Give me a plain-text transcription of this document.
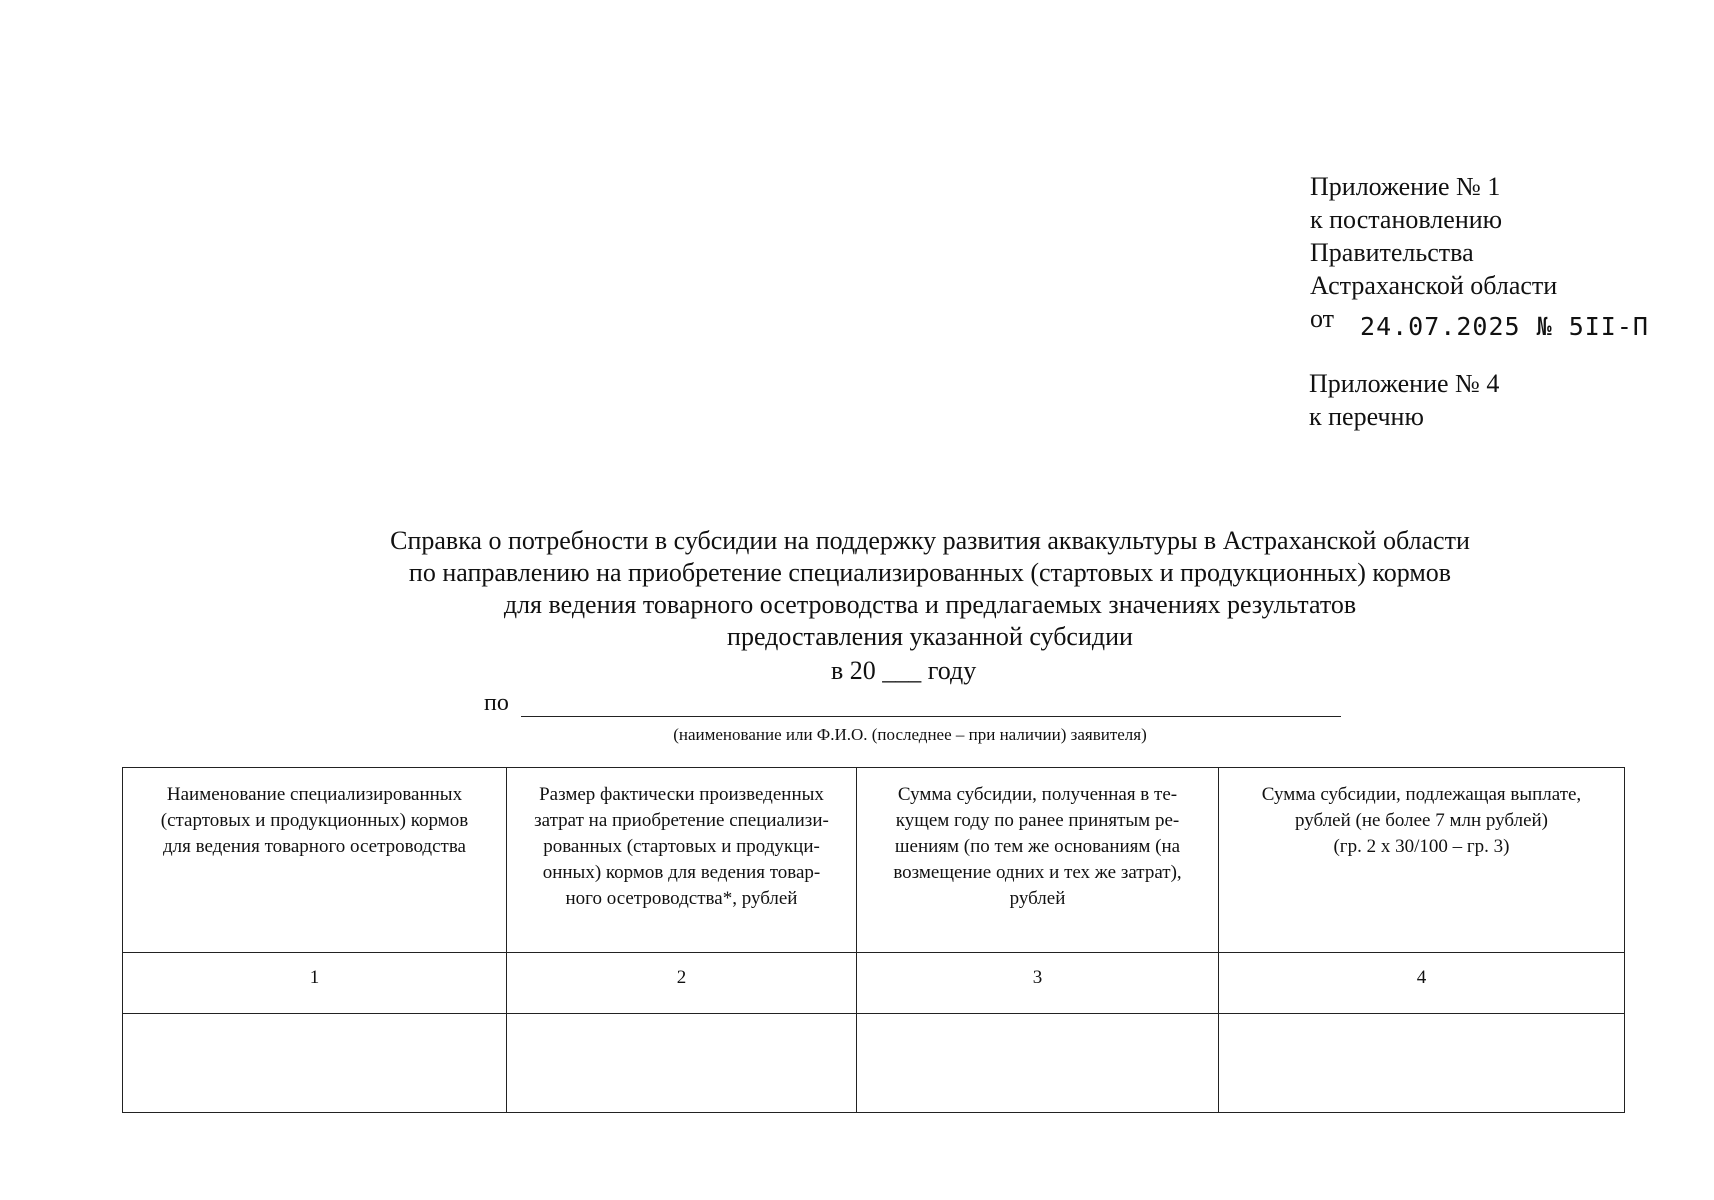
Приложение № 1
к постановлению
Правительства
Астраханской области
от 24.07.2025 № 5II-П
Приложение № 4
к перечню
Справка о потребности в субсидии на поддержку развития аквакультуры в Астраханской области
по направлению на приобретение специализированных (стартовых и продукционных) кормов
для ведения товарного осетроводства и предлагаемых значениях результатов
предоставления указанной субсидии
в 20 ___ году
по
(наименование или Ф.И.О. (последнее – при наличии) заявителя)
Наименование специализированных
(стартовых и продукционных) кормов
для ведения товарного осетроводства	Размер фактически произведенных
затрат на приобретение специализи-
рованных (стартовых и продукци-
онных) кормов для ведения товар-
ного осетроводства*, рублей	Сумма субсидии, полученная в те-
кущем году по ранее принятым ре-
шениям (по тем же основаниям (на
возмещение одних и тех же затрат),
рублей	Сумма субсидии, подлежащая выплате,
рублей (не более 7 млн рублей)
(гр. 2 х 30/100 – гр. 3)

1	2	3	4
